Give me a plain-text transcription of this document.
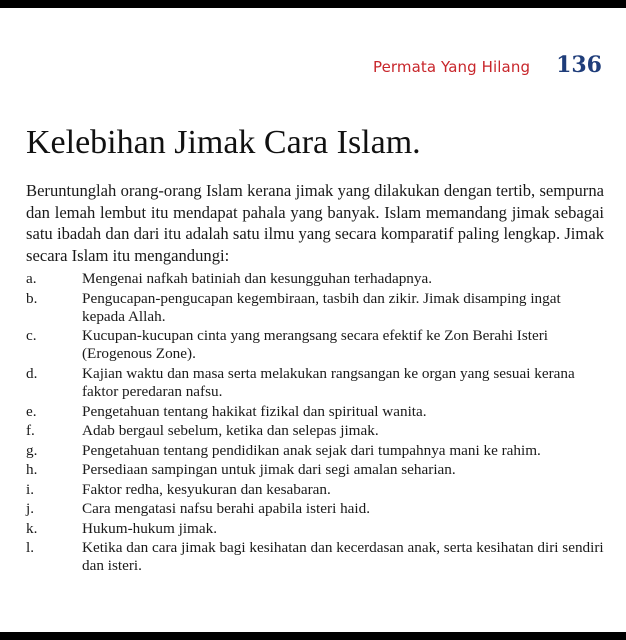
Permata Yang Hilang 136
Kelebihan Jimak Cara Islam.

Beruntunglah orang-orang Islam kerana jimak yang dilakukan dengan tertib, sempurna dan lemah lembut itu mendapat pahala yang banyak. Islam memandang jimak sebagai satu ibadah dan dari itu adalah satu ilmu yang secara komparatif paling lengkap. Jimak secara Islam itu mengandungi:

a.	Mengenai nafkah batiniah dan kesungguhan terhadapnya.
b.	Pengucapan-pengucapan kegembiraan, tasbih dan zikir. Jimak disamping ingat kepada Allah.
c.	Kucupan-kucupan cinta yang merangsang secara efektif ke Zon Berahi Isteri (Erogenous Zone).
d.	Kajian waktu dan masa serta melakukan rangsangan ke organ yang sesuai kerana faktor peredaran nafsu.
e.	Pengetahuan tentang hakikat fizikal dan spiritual wanita.
f.	Adab bergaul sebelum, ketika dan selepas jimak.
g.	Pengetahuan tentang pendidikan anak sejak dari tumpahnya mani ke rahim.
h.	Persediaan sampingan untuk jimak dari segi amalan seharian.
i.	Faktor redha, kesyukuran dan kesabaran.
j.	Cara mengatasi nafsu berahi apabila isteri haid.
k.	Hukum-hukum jimak.
l.	Ketika dan cara jimak bagi kesihatan dan kecerdasan anak, serta kesihatan diri sendiri dan isteri.
